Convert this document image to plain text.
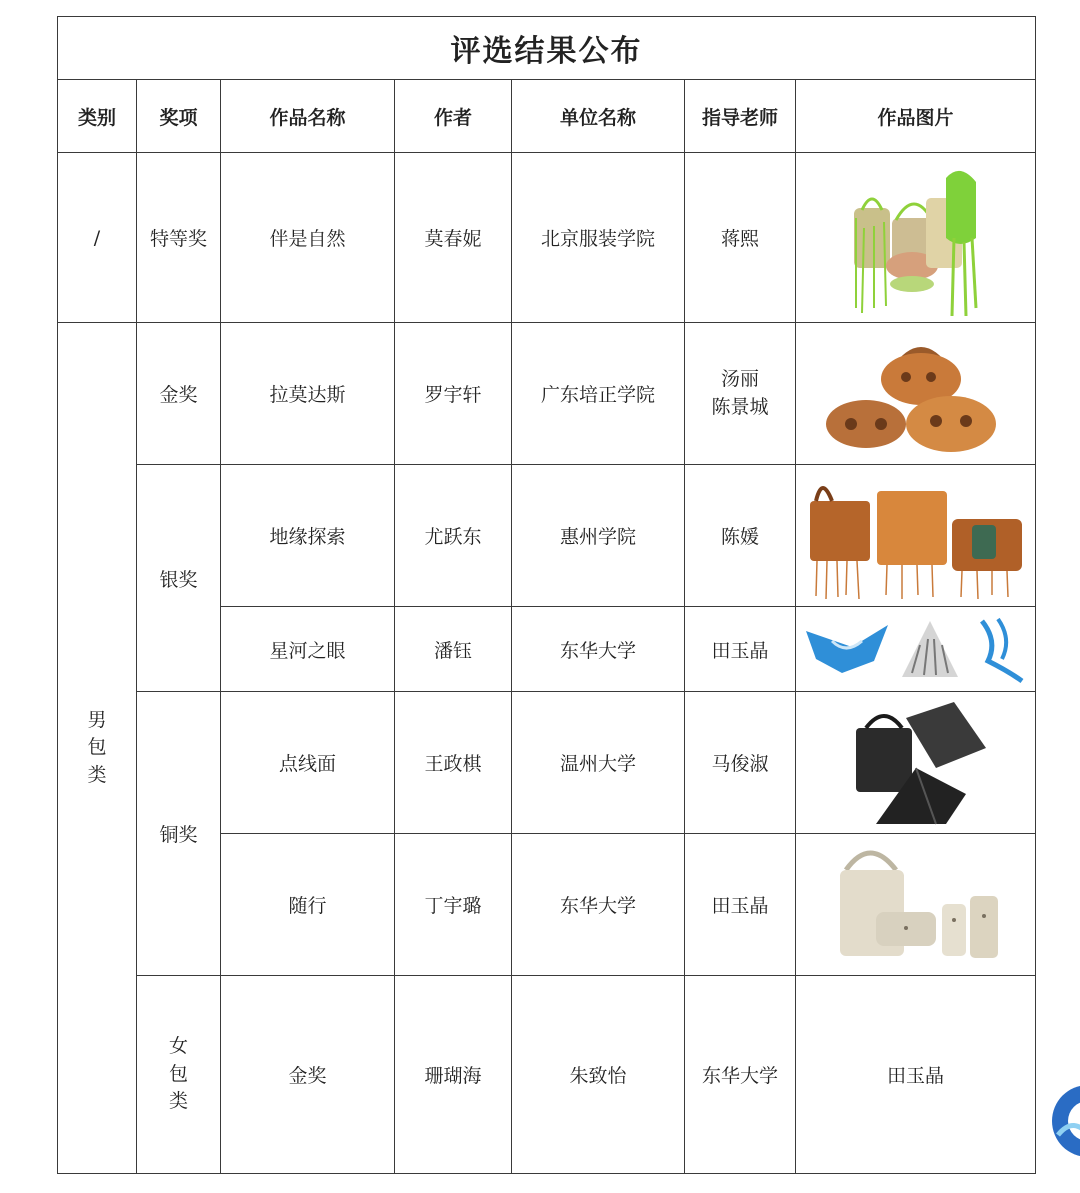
评选结果公布							
类别	奖项	作品名称	作者	单位名称	指导老师	作品图片	
/	特等奖	伴是自然	莫春妮	北京服装学院	蒋熙	

男包类	金奖	拉莫达斯	罗宇轩	广东培正学院	汤丽
陈景城	

	银奖	地缘探索	尤跃东	惠州学院	陈媛	

		星河之眼	潘钰	东华大学	田玉晶	

	铜奖	点线面	王政棋	温州大学	马俊淑	

		随行	丁宇璐	东华大学	田玉晶	

	女包类	金奖	珊瑚海	朱致怡	东华大学	田玉晶	
